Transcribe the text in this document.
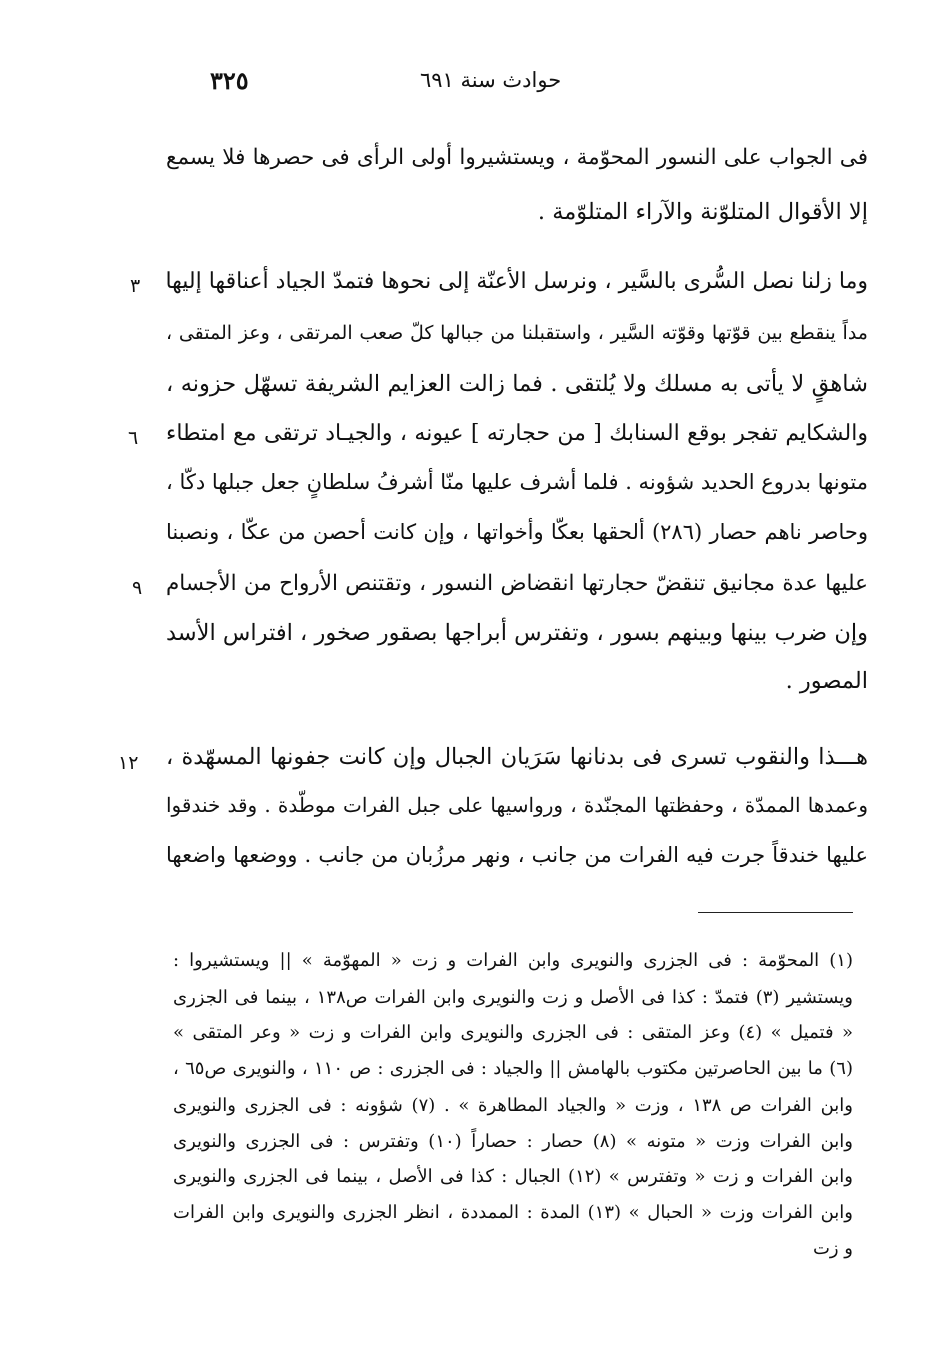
٣٢٥	حوادث سنة ٦٩١
فى الجواب على النسور المحوّمة ، ويستشيروا أولى الرأى فى حصرها فلا يسمع
إلا الأقوال المتلوّنة والآراء المتلوّمة .
وما زلنا نصل السُّرى بالسَّير ، ونرسل الأعنّة إلى نحوها فتمدّ الجياد أعناقها إليها
مداً ينقطع بين قوّتها وقوّته السَّير ، واستقبلنا من جبالها كلّ صعب المرتقى ، وعز المتقى ،
شاهقٍ لا يأتى به مسلك ولا يُلتقى . فما زالت العزايم الشريفة تسهّل حزونه ،
والشكايم تفجر بوقع السنابك [ من حجارته ] عيونه ، والجيـاد ترتقى مع امتطاء
متونها بدروع الحديد شؤونه . فلما أشرف عليها منّا أشرفُ سلطانٍ جعل جبلها دكّا ،
وحاصر ناهم حصار (٢٨٦) ألحقها بعكّا وأخواتها ، وإن كانت أحصن من عكّا ، ونصبنا
عليها عدة مجانيق تنقضّ حجارتها انقضاض النسور ، وتقتنص الأرواح من الأجسام
وإن ضرب بينها وبينهم بسور ، وتفترس أبراجها بصقور صخور ، افتراس الأسد
المصور .
هـــذا والنقوب تسرى فى بدنانها سَرَيان الجبال وإن كانت جفونها المسهّدة ،
وعمدها الممدّة ، وحفظتها المجنّدة ، ورواسيها على جبل الفرات موطّدة . وقد خندقوا
عليها خندقاً جرت فيه الفرات من جانب ، ونهر مرزُبان من جانب . ووضعها واضعها
٣
٦
٩
١٢
(١) المحوّمة : فى الجزرى والنويرى وابن الفرات و زت « المهوّمة » || ويستشيروا :
ويستشير (٣) فتمدّ : كذا فى الأصل و زت والنويرى وابن الفرات ص١٣٨ ، بينما فى الجزرى
« فتميل » (٤) وعز المتقى : فى الجزرى والنويرى وابن الفرات و زت « وعر المتقى »
(٦) ما بين الحاصرتين مكتوب بالهامش || والجياد : فى الجزرى : ص ١١٠ ، والنويرى ص٦٥ ،
وابن الفرات ص ١٣٨ ، وزت « والجياد المطاهرة » . (٧) شؤونه : فى الجزرى والنويرى
وابن الفرات وزت « متونه » (٨) حصار : حصاراً (١٠) وتفترس : فى الجزرى والنويرى
وابن الفرات و زت « وتفترس » (١٢) الجبال : كذا فى الأصل ، بينما فى الجزرى والنويرى
وابن الفرات وزت « الحبال » (١٣) المدة : الممددة ، انظر الجزرى والنويرى وابن الفرات
و زت
